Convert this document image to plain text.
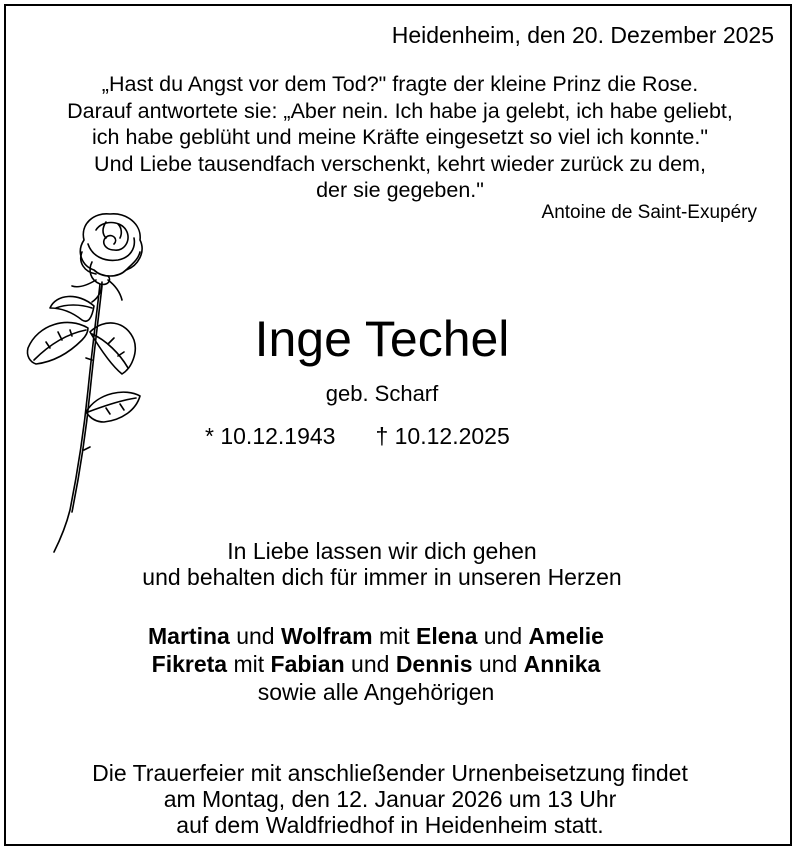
Heidenheim, den 20. Dezember 2025
„Hast du Angst vor dem Tod?" fragte der kleine Prinz die Rose.
Darauf antwortete sie: „Aber nein. Ich habe ja gelebt, ich habe geliebt,
ich habe geblüht und meine Kräfte eingesetzt so viel ich konnte."
Und Liebe tausendfach verschenkt, kehrt wieder zurück zu dem,
der sie gegeben."
Antoine de Saint-Exupéry
Inge Techel
geb. Scharf
* 10.12.1943 † 10.12.2025
In Liebe lassen wir dich gehen
und behalten dich für immer in unseren Herzen
Martina und Wolfram mit Elena und Amelie
Fikreta mit Fabian und Dennis und Annika
sowie alle Angehörigen
Die Trauerfeier mit anschließender Urnenbeisetzung findet
am Montag, den 12. Januar 2026 um 13 Uhr
auf dem Waldfriedhof in Heidenheim statt.
